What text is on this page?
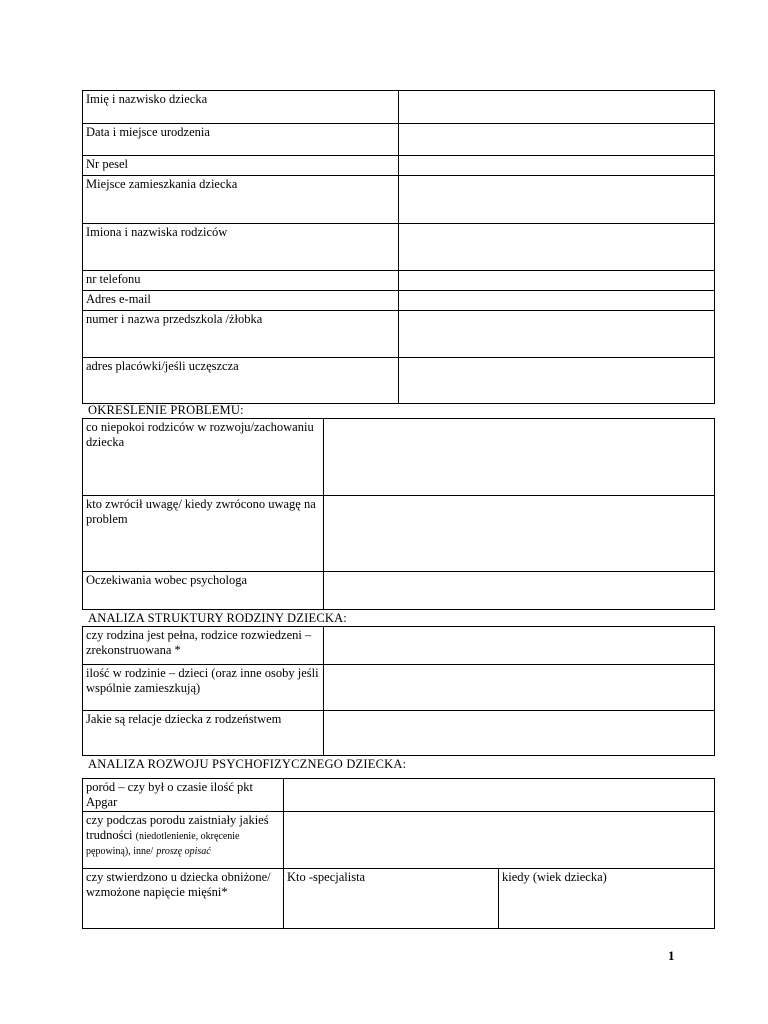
Imię i nazwisko dziecka	
Data i miejsce urodzenia	
Nr pesel	
Miejsce zamieszkania dziecka	
Imiona i nazwiska rodziców	
nr telefonu	
Adres e-mail	
numer i nazwa przedszkola /żłobka	
adres placówki/jeśli uczęszcza	
OKREŚLENIE PROBLEMU:
co niepokoi rodziców w rozwoju/zachowaniu dziecka	
kto zwrócił uwagę/ kiedy zwrócono uwagę na problem	
Oczekiwania wobec psychologa	
ANALIZA STRUKTURY RODZINY DZIECKA:
czy rodzina jest pełna, rodzice rozwiedzeni –zrekonstruowana *	
ilość w rodzinie – dzieci (oraz inne osoby jeśli wspólnie zamieszkują)	
Jakie są relacje dziecka z rodzeństwem	
ANALIZA ROZWOJU PSYCHOFIZYCZNEGO DZIECKA:
poród – czy był o czasie ilość pkt Apgar		
czy podczas porodu zaistniały jakieś trudności (niedotlenienie, okręcenie pępowiną), inne/ proszę opisać		
czy stwierdzono u dziecka obniżone/ wzmożone napięcie mięśni*	Kto -specjalista	kiedy (wiek dziecka)
1
